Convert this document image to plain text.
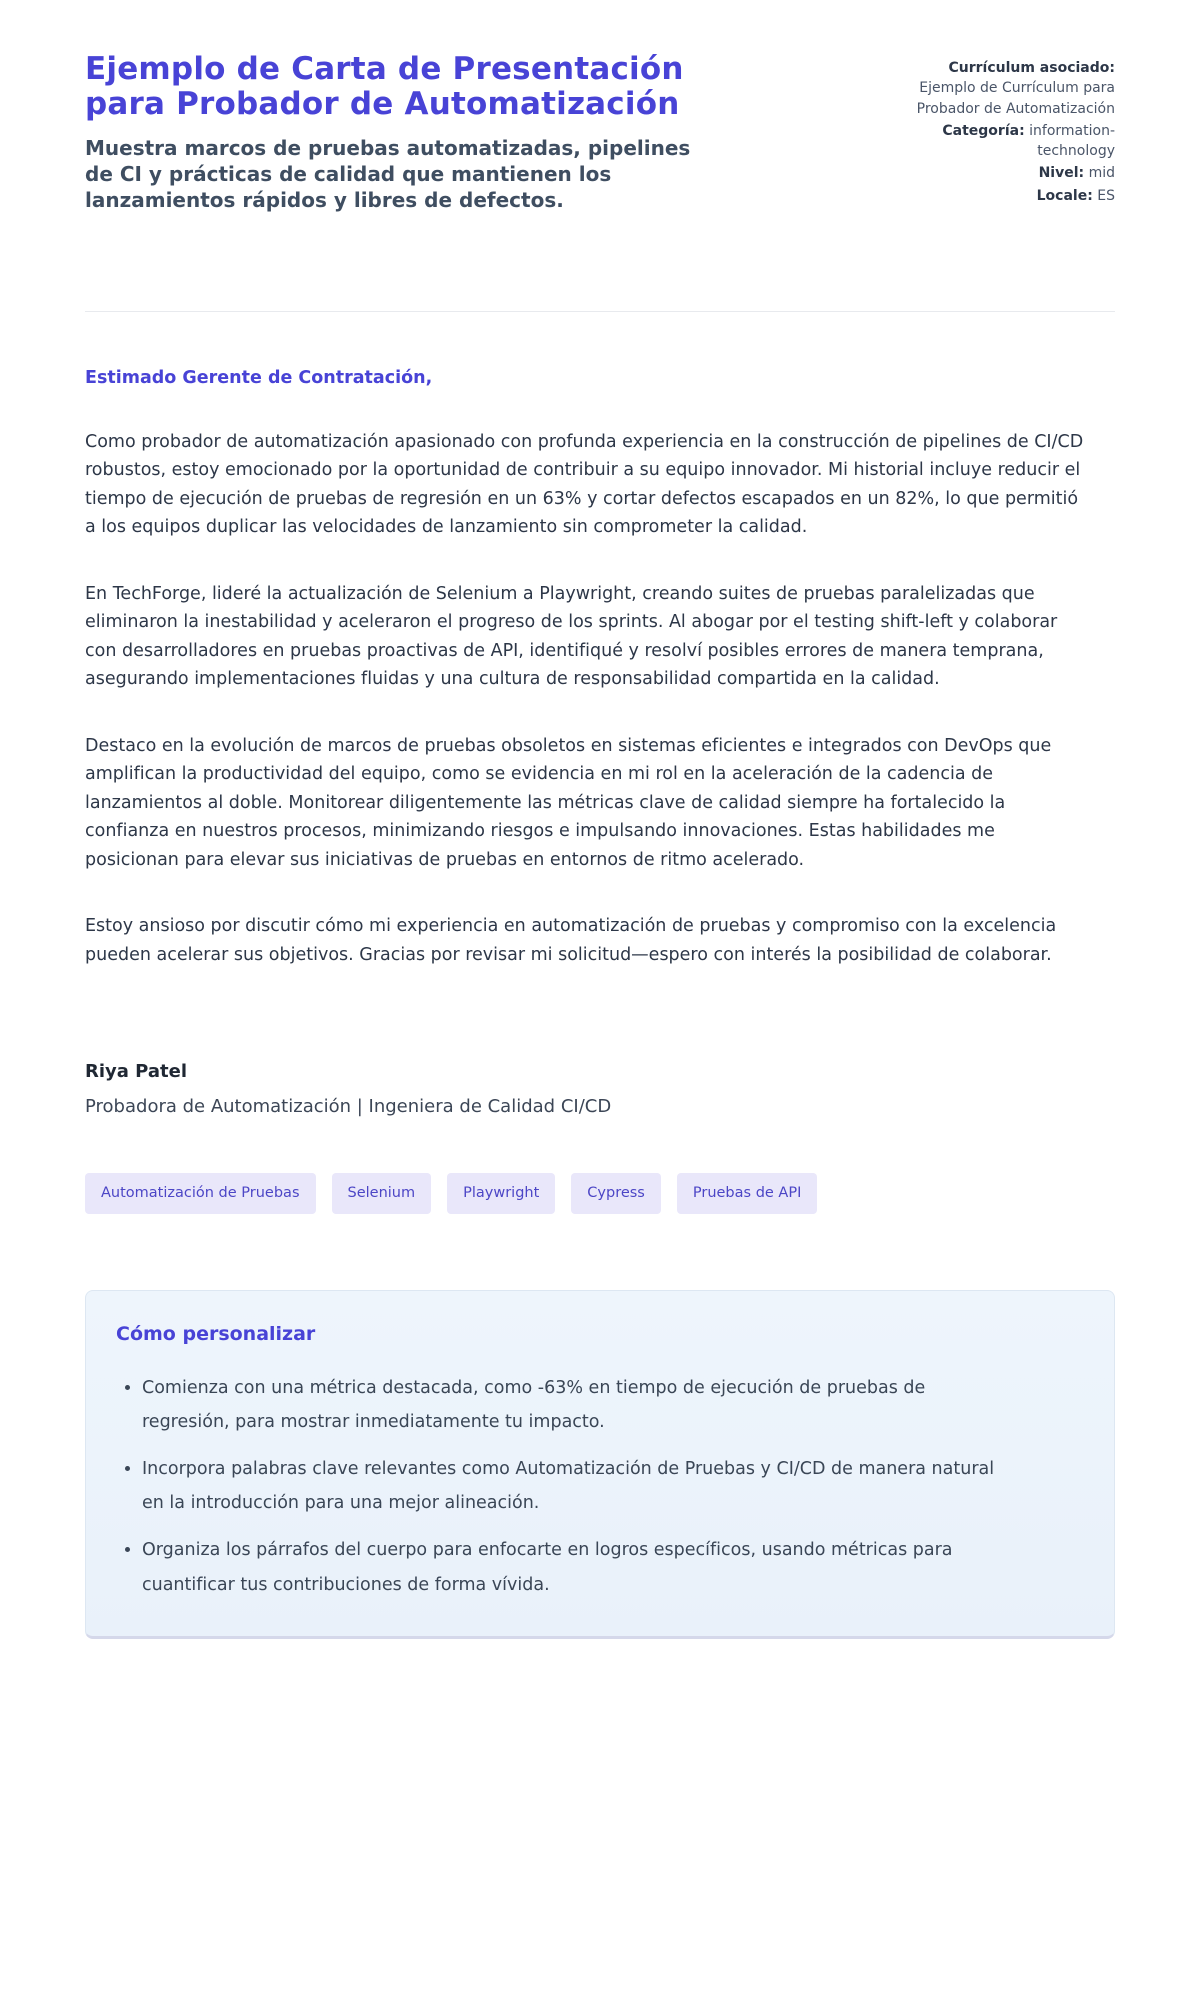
Ejemplo de Carta de Presentación para Probador de Automatización

Muestra marcos de pruebas automatizadas, pipelines de CI y prácticas de calidad que mantienen los lanzamientos rápidos y libres de defectos.

Currículum asociado: Ejemplo de Currículum para Probador de Automatización
Categoría: information-technology
Nivel: mid
Locale: ES

Estimado Gerente de Contratación,

Como probador de automatización apasionado con profunda experiencia en la construcción de pipelines de CI/CD robustos, estoy emocionado por la oportunidad de contribuir a su equipo innovador. Mi historial incluye reducir el tiempo de ejecución de pruebas de regresión en un 63% y cortar defectos escapados en un 82%, lo que permitió a los equipos duplicar las velocidades de lanzamiento sin comprometer la calidad.

En TechForge, lideré la actualización de Selenium a Playwright, creando suites de pruebas paralelizadas que eliminaron la inestabilidad y aceleraron el progreso de los sprints. Al abogar por el testing shift-left y colaborar con desarrolladores en pruebas proactivas de API, identifiqué y resolví posibles errores de manera temprana, asegurando implementaciones fluidas y una cultura de responsabilidad compartida en la calidad.

Destaco en la evolución de marcos de pruebas obsoletos en sistemas eficientes e integrados con DevOps que amplifican la productividad del equipo, como se evidencia en mi rol en la aceleración de la cadencia de lanzamientos al doble. Monitorear diligentemente las métricas clave de calidad siempre ha fortalecido la confianza en nuestros procesos, minimizando riesgos e impulsando innovaciones. Estas habilidades me posicionan para elevar sus iniciativas de pruebas en entornos de ritmo acelerado.

Estoy ansioso por discutir cómo mi experiencia en automatización de pruebas y compromiso con la excelencia pueden acelerar sus objetivos. Gracias por revisar mi solicitud—espero con interés la posibilidad de colaborar.

Riya Patel

Probadora de Automatización | Ingeniera de Calidad CI/CD

Automatización de Pruebas	Selenium	Playwright	Cypress	Pruebas de API
Cómo personalizar
• Comienza con una métrica destacada, como -63% en tiempo de ejecución de pruebas de regresión, para mostrar inmediatamente tu impacto.
• Incorpora palabras clave relevantes como Automatización de Pruebas y CI/CD de manera natural en la introducción para una mejor alineación.
• Organiza los párrafos del cuerpo para enfocarte en logros específicos, usando métricas para cuantificar tus contribuciones de forma vívida.
